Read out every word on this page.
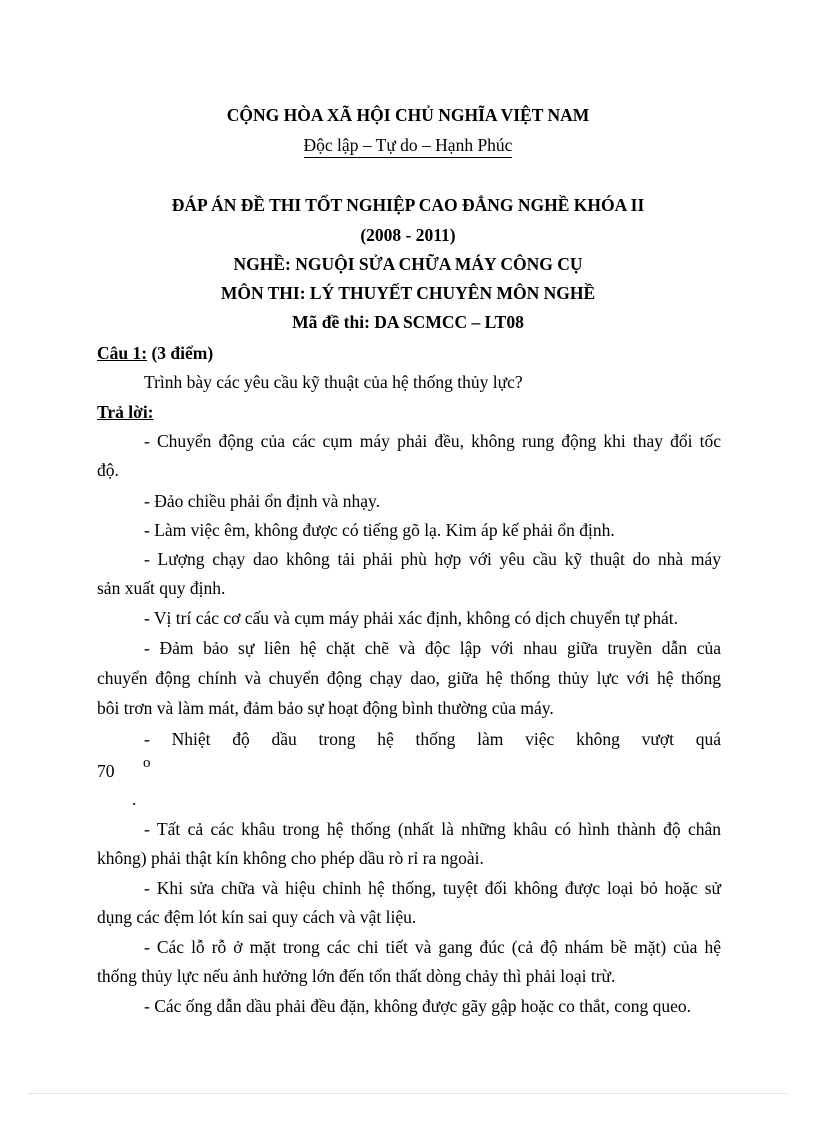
CỘNG HÒA XÃ HỘI CHỦ NGHĨA VIỆT NAM
Độc lập – Tự do – Hạnh Phúc
ĐÁP ÁN ĐỀ THI TỐT NGHIỆP CAO ĐẲNG NGHỀ KHÓA II
(2008 - 2011)
NGHỀ: NGUỘI SỬA CHỮA MÁY CÔNG CỤ
MÔN THI: LÝ THUYẾT CHUYÊN MÔN NGHỀ
Mã đề thi: DA SCMCC – LT08
Câu 1: (3 điểm)
Trình bày các yêu cầu kỹ thuật của hệ thống thủy lực?
Trả lời:
- Chuyển động của các cụm máy phải đều, không rung động khi thay đổi tốc
độ.
- Đảo chiều phải ổn định và nhạy.
- Làm việc êm, không được có tiếng gõ lạ. Kim áp kế phải ổn định.
- Lượng chạy dao không tải phải phù hợp với yêu cầu kỹ thuật do nhà máy
sản xuất quy định.
- Vị trí các cơ cấu và cụm máy phải xác định, không có dịch chuyển tự phát.
- Đảm bảo sự liên hệ chặt chẽ và độc lập với nhau giữa truyền dẫn của
chuyển động chính và chuyển động chạy dao, giữa hệ thống thủy lực với hệ thống
bôi trơn và làm mát, đảm bảo sự hoạt động bình thường của máy.
- Nhiệt độ dầu trong hệ thống làm việc không vượt quá
70 o
.
- Tất cả các khâu trong hệ thống (nhất là những khâu có hình thành độ chân
không) phải thật kín không cho phép dầu rò rỉ ra ngoài.
- Khi sửa chữa và hiệu chỉnh hệ thống, tuyệt đối không được loại bỏ hoặc sử
dụng các đệm lót kín sai quy cách và vật liệu.
- Các lỗ rỗ ở mặt trong các chi tiết và gang đúc (cả độ nhám bề mặt) của hệ
thống thủy lực nếu ảnh hưởng lớn đến tổn thất dòng chảy thì phải loại trừ.
- Các ống dẫn dầu phải đều đặn, không được gãy gập hoặc co thắt, cong queo.
